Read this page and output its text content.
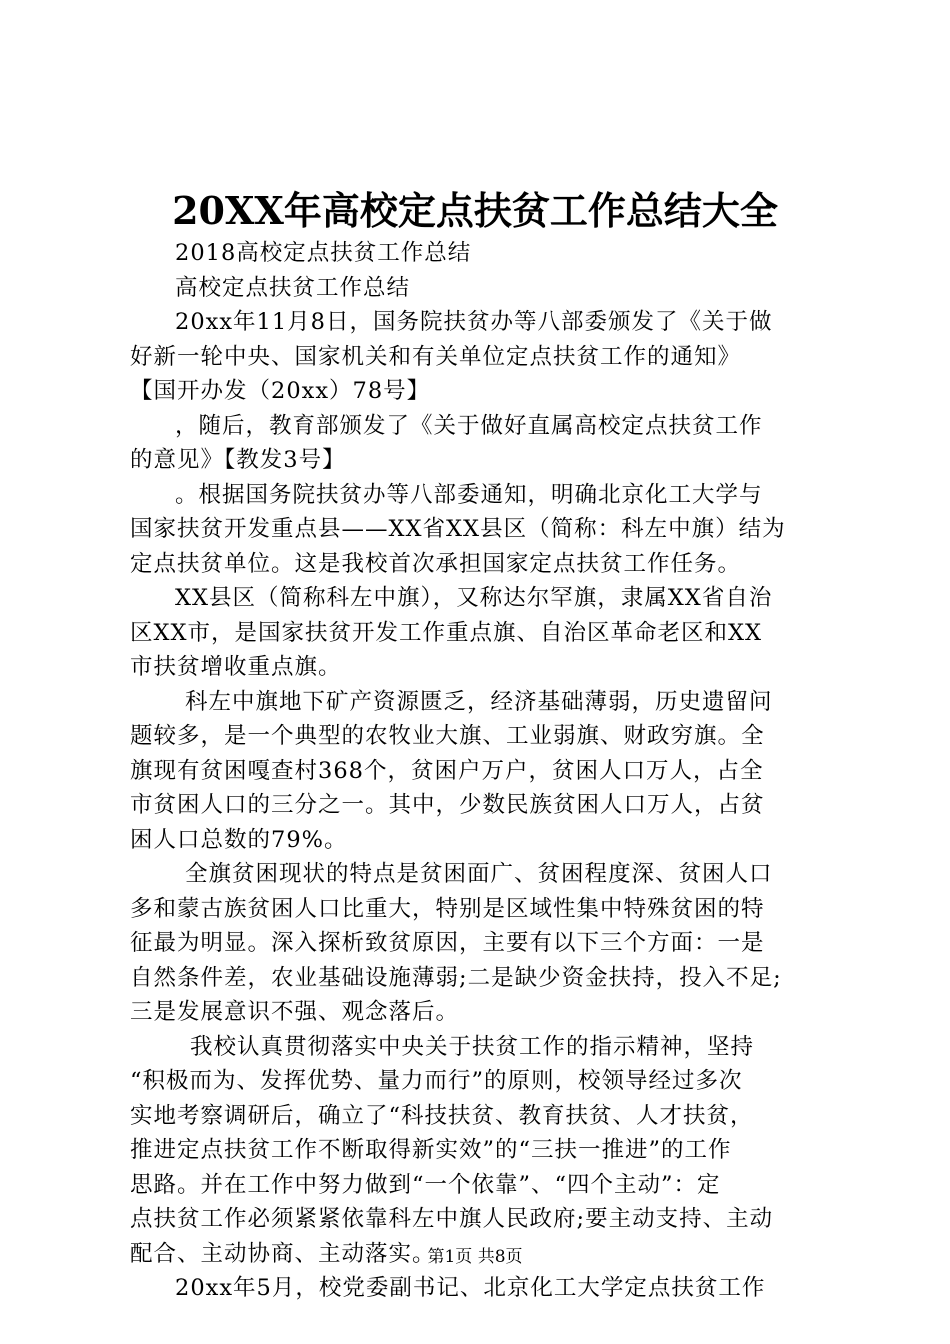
20XX年高校定点扶贫工作总结大全
2018高校定点扶贫工作总结
高校定点扶贫工作总结
20xx年11月8日，国务院扶贫办等八部委颁发了《关于做
好新一轮中央、国家机关和有关单位定点扶贫工作的通知》
【国开办发（20xx）78号】
，随后，教育部颁发了《关于做好直属高校定点扶贫工作
的意见》【教发3号】
。根据国务院扶贫办等八部委通知，明确北京化工大学与
国家扶贫开发重点县——XX省XX县区（简称：科左中旗）结为
定点扶贫单位。这是我校首次承担国家定点扶贫工作任务。
XX县区（简称科左中旗），又称达尔罕旗，隶属XX省自治
区XX市，是国家扶贫开发工作重点旗、自治区革命老区和XX
市扶贫增收重点旗。
科左中旗地下矿产资源匮乏，经济基础薄弱，历史遗留问
题较多，是一个典型的农牧业大旗、工业弱旗、财政穷旗。全
旗现有贫困嘎查村368个，贫困户万户，贫困人口万人，占全
市贫困人口的三分之一。其中，少数民族贫困人口万人，占贫
困人口总数的79%。
全旗贫困现状的特点是贫困面广、贫困程度深、贫困人口
多和蒙古族贫困人口比重大，特别是区域性集中特殊贫困的特
征最为明显。深入探析致贫原因，主要有以下三个方面：一是
自然条件差，农业基础设施薄弱;二是缺少资金扶持，投入不足;
三是发展意识不强、观念落后。
我校认真贯彻落实中央关于扶贫工作的指示精神，坚持
“积极而为、发挥优势、量力而行”的原则，校领导经过多次
实地考察调研后，确立了“科技扶贫、教育扶贫、人才扶贫，
推进定点扶贫工作不断取得新实效”的“三扶一推进”的工作
思路。并在工作中努力做到“一个依靠”、“四个主动”：定
点扶贫工作必须紧紧依靠科左中旗人民政府;要主动支持、主动
配合、主动协商、主动落实。
20xx年5月，校党委副书记、北京化工大学定点扶贫工作
第1页 共8页
